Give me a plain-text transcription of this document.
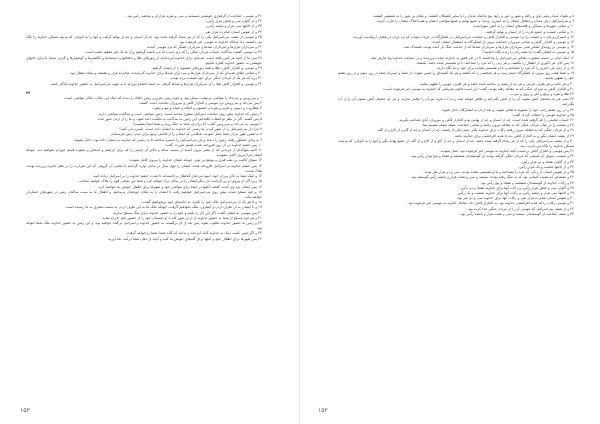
۳۱ و موسی، جماعت از گرفتاری خویشتن مسیحیه و سی و نفرند هزاران و پنجصد رأس بود.
۳۲ و از گاوان سی و شش هزار رأس،
۳۳ و از الاغها سی هزار و پانصد رأس،
۳۴ و از نفوس انسان شانزده هزار نفر.
۳۵ و موسی از نصف بنی‌اسرائیل یکی را که از هر پنجاه گرفته شده بود، چه از انسان و چه از بهائم گرفت و آنها را به لاویانی که ودیعه مسکن خداوند را نگاه می داشتند، داد چنانکه خداوند به موسی امر فرموده بود.
۳۶ و سرداران هزارها و سرداران صدها و سرداران لشکر که نزد موسی آمدند،
۳۷ به موسی گفتند: بندگانت حساب مردان جنگی را که زیر دست ما می باشند گرفتیم و از ما یک نفر مفقود نشده است.
۳۸ پس ما از آنچه هر کس یافته است، هدیه‌ای برای خداوند آورده‌ایم، از زیورهای طلا و خلخالها و دستبندها و انگشترها و گوشوارها و گردن بندها، تا برای جانهای خویشتن به حضور خداوند کفاره نماییم.
۳۹ و موسی و العازار کاهن، طلا و همه زیورهای مصنوع را از ایشان گرفتند.
۴۰ و تمامی طلای هدیه‌ای که از سرداران هزارها و سرداران صدها برای خداوند گذرانیدند، شانزده هزار و هفتصد و پنجاه مثقال بود.
۴۱ زیرا که هر یک از مردان جنگی برای خود غنیمت برده بودند.
۴۲ و موسی و العازار کاهن طلا را از سرداران هزارها و صدها گرفته، به خیمه اجتماع آوردند تا به جهت بنی‌اسرائیل به حضور خداوند یادگار باشد.
۳۲
۱ و بنی‌روبین و بنی‌جاد را مواشی بی‌نهایت بسیار بود، و چون زمین یعزیر و زمین جلعاد را دیدند که اینک این مکان، مکان مواشی است،
۲ پس بنی‌جاد و بنی‌روبین نزد موسی و العازار کاهن و سروران جماعت آمده، گفتند:
۳ عطاروت و دیبون و یعزیر و نمره و حشبون و العاله و شبام و نبو و بعون،
۴ زمینی که خداوند پیش روی جماعت اسرائیل مفتوح ساخته است، زمین مواشی است و بندگانت مواشی دارند.
۵ پس گفتند: اگر در نظر تو التفات یافته‌ایم، این زمین به بندگانت به ملکیت داده شود، و ما را از اردن عبور مده.
۶ موسی به بنی‌جاد و بنی‌روبین گفت: آیا برادران شما به جنگ روند و شما اینجا بنشینید؟
۷ چرا دل بنی‌اسرائیل را از عبور کردن به زمینی که خداوند به ایشان داده است، دلسرد می کنید؟
۸ به همین طور پدران شما عمل نمودند، هنگامی که ایشان را از قادش برنیع برای دیدن زمین فرستادم.
۹ به وادی اشکول رفته، زمین را دیدند و دل بنی‌اسرائیل را دلسرد ساختند تا به زمینی که خداوند به ایشان داده بود، داخل نشوند.
۱۰ پس خشم خداوند در آن روز افروخته شده، قسم خورده، گفت:
۱۱ البته هیچ‌کدام از مردانی که از مصر بیرون آمدند از بیست ساله و بالاتر آن زمینی را که برای ابراهیم و اسحاق و یعقوب قسم خوردم نخواهند دید، چونکه ایشان مرا پیروی کامل ننمودند.
۱۲ سوای کالیب بن یفنه قنزی و یوشع بن نون، چونکه ایشان خداوند را پیروی کامل نمودند.
۱۳ پس خشم خداوند بر اسرائیل افروخته شده، ایشان را چهل سال در بیابان آواره گردانید تا تمامی آن گروهی که این شرارت را در نظر خداوند ورزیده بودند، هلاک شدند.
۱۴ و اینک شما به جای پدران خود، انبوه مردمان گناهکار برخاسته‌اید تا شدت خشم خداوند را بر اسرائیل زیاده کنید.
۱۵ زیرا اگر از پیروی او رو گردانید، بار دیگر ایشان را در بیابان ترک خواهد کرد و شما این تمامی قوم را هلاک خواهید ساخت.
۱۶ پس ایشان نزد وی آمده، گفتند: آغلها در اینجا برای مواشی خود و شهرها برای اطفال خویش بنا خواهیم کرد.
۱۷ و خود مسلح شده، پیش روی بنی‌اسرائیل خواهیم رفت تا ایشان را به مکان خودشان برسانیم، و اطفال ما به سبب ساکنان زمین در شهرهای حصاردار خواهند ماند.
۱۸ و تا هر یک از بنی‌اسرائیل ملک خود را نگیرد، به خانه‌های خود برنخواهیم گشت.
۱۹ و با ایشان به آن طرف اردن و آنطرف، ملک نخواهیم گرفت، چونکه ملک ما به این طرف اردن به سمت مشرق به ما رسیده است.
۲۰ پس موسی به ایشان گفت: اگر این کار را بکنید و خود را به حضور خداوند برای جنگ مسلح سازید،
۲۱ و هر مرد مسلح از شما به حضور خداوند از اردن عبور کند تا او دشمنان خود را از حضور خود اخراج نماید،
۲۲ و زمین به حضور خداوند مغلوب شود، پس بعد از آن برگشته، به حضور خداوند و اسرائیل بی‌گناه خواهید بود، و این زمین به حضور خداوند ملک شما خواهد بود.
۲۳ و اگر چنین نکنید، اینک به خداوند گناه کرده‌اید و بدانید که گناه شما، شما را خواهد گرفت.
۲۴ پس شهرها برای اطفال خود و آغلها برای گله‌های خویش بنا کنید و آنچه از دهان شما درآمد، بجا آورید.
۱۵۳
۸ و ملوک مدیان یعنی اوی و راقم و صور و حور و رابع، پنج پادشاه مدیان را با سایر کشتگان کشتند، و بلعام بن بعور را به شمشیر کشتند.
۹ و بنی‌اسرائیل زنان مدیان و اطفال ایشان را به اسیری بردند، و جمیع بهایم و جمیع مواشی ایشان و همه املاک ایشان را غارت کردند.
۱۰ و تمامی شهرها و مساکن و قلعه‌های ایشان را به آتش سوزانیدند.
۱۱ و تمامی غنیمت و جمیع غارت را از انسان و بهایم گرفتند.
۱۲ و اسیران و غارت و غنیمت را نزد موسی و العازار کاهن و جماعت بنی‌اسرائیل در لشکرگاه در عربات موآب که نزد اردن در مقابل اریحاست آوردند.
۱۳ و موسی و العازار کاهن و تمامی سروران جماعت بیرون از لشکرگاه به استقبال ایشان آمدند.
۱۴ و موسی بر رؤسای لشکر یعنی سرداران هزارها و سرداران صدها که از خدمت جنگ باز آمده بودند، غضبناک شد.
۱۵ و موسی به ایشان گفت: آیا همه زنان را زنده نگاه داشتید؟
۱۶ اینک اینان بر حسب مشورت بلعام، بنی‌اسرائیل را واداشتند تا در امر فغور به خداوند خیانت ورزیدند و در جماعت خداوند وبا عارض شد.
۱۷ پس الان هر ذکوری از اطفال را بکشید، و هر زنی را که مرد را شناخته، با او همبستر شده باشد، بکشید.
۱۸ و از زنان هر دختری را که مرد را نشناخته و با او همبستر نشده، برای خود زنده نگاه دارید.
۱۹ و شما هفت روز بیرون از لشکرگاه خیمه زنید، و هر شخصی را که کشته و هر که کشته‌ای را لمس نموده، از شما و اسیران شما در روز سوم و در روز هفتم خود را تطهیر نمایید.
۲۰ و هر جامه و هر ظرف چرمی و هر چه از پشم بز ساخته شده باشد و هر ظرف چوبین را تطهیر نمایید.
۲۱ و العازار کاهن به مردان جنگی که به مقاتله رفته بودند، گفت: این است قانون شریعتی که خداوند به موسی امر فرموده است:
۲۲ طلا و نقره و برنج و آهن و روی و سرب،
۲۳ یعنی هر چه متحمل آتش بشود، آن را از آتش بگذرانید و طاهر خواهد شد، و به آب تنزیه نیز آن را طاهر سازید، و هر چه متحمل آتش نشود، آن را از آب بگذرانید.
۲۴ و در روز هفتم رخت خود را بشویید تا طاهر شوید، و بعد از آن به لشکرگاه داخل شوید.
۲۵ و خداوند موسی را خطاب کرده، گفت:
۲۶ حساب غنایمی را که گرفته شده است، چه از انسان و چه از بهایم، تو و العازار کاهن و سروران آبای جماعت بگیرید.
۲۷ و غنیمت را در میان مردان جنگی که به مقاتله بیرون رفتند و تمامی جماعت، نصف نصف تقسیم نما.
۲۸ و از مردان جنگی که به مقاتله بیرون رفتند زکات برای خداوند بگیر، یعنی یکی از پانصد، چه از انسان و چه از گاو و از الاغ و از گله.
۲۹ از نصف ایشان بگیر و به العازار کاهن بده تا هدیه افراشتنی برای خداوند باشد.
۳۰ و از نصف بنی‌اسرائیل یکی را که از هر پنجاه گرفته شده باشد، چه از انسان و چه از گاو و از الاغ و از گله، از جمیع بهایم بگیر و آنها را به لاویانی که ودیعت مسکن خداوند را نگاه می دارند، بده.
۳۱ پس موسی و العازار کاهن برحسب آنچه خداوند به موسی امر فرموده بود، عمل نمودند.
۳۲ و غنیمت، سوای آن غنیمتی که مردان جنگی گرفته بودند، از گوسفندان ششصد و هفتاد و پنج هزار رأس بود،
۳۳ و از گاوان هفتاد و دو هزار رأس،
۳۴ و از الاغها شصت و یک هزار رأس،
۳۵ و از نفوس انسان از زنانی که مرد را نشناخته و با او همبستر نشده بودند، سی و دو هزار نفر بودند.
۳۶ و نصفه‌ای که نصیب کسانی بود که به جنگ رفته بودند، سیصد و سی و هفت هزار و پانصد رأس گوسفند بود.
۳۷ و زکات خداوند از گوسفندان ششصد و هفتاد و پنج رأس بود.
۳۸ و گاوان سی و شش هزار رأس، و زکات آنها برای خداوند هفتاد و دو رأس.
۳۹ و الاغها سی هزار و پانصد رأس، و زکات آنها برای خداوند شصت و یک رأس.
۴۰ و نفوس انسان شانزده هزار نفر، و زکات آنها برای خداوند سی و دو نفر بود.
۴۱ و موسی زکات را که هدیه افراشتنی خداوند بود، به العازار کاهن داد، چنانکه خداوند به موسی امر فرموده بود.
۴۲ و از نصف بنی‌اسرائیل که موسی آن را از مردان جنگی جدا کرده بود،
۴۳ و نصف جماعت از گوسفندان سیصد و سی و هفت هزار و پانصد رأس بود.
۱۵۲
